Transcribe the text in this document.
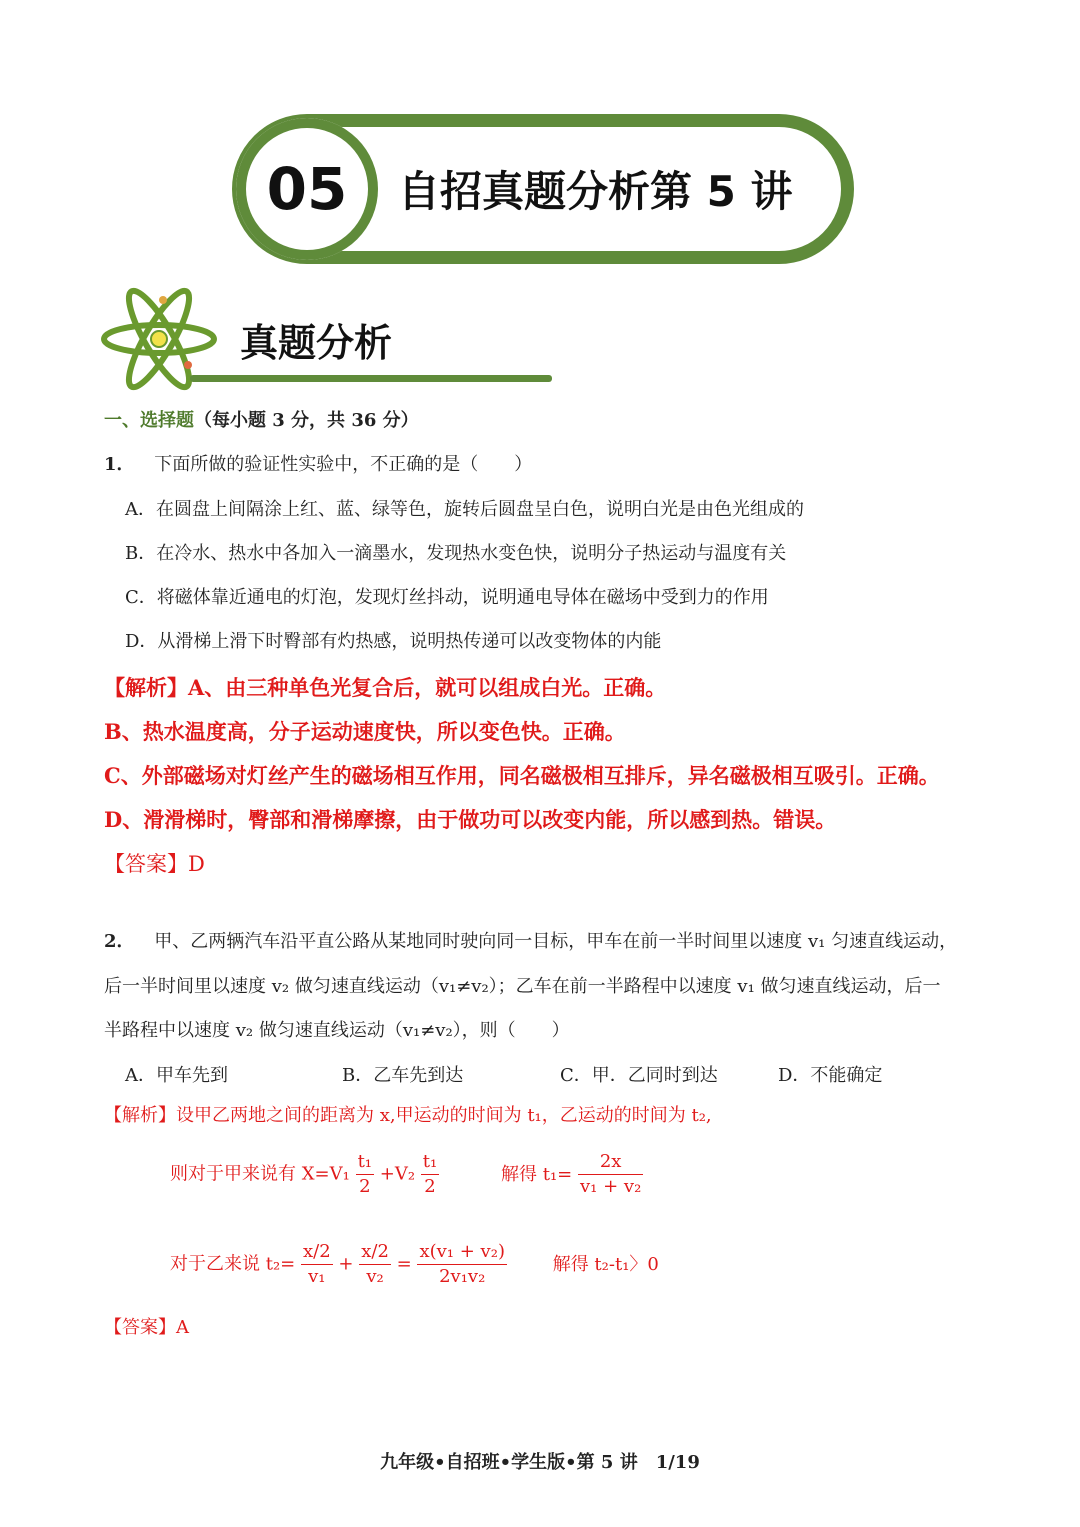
05	自招真题分析第 5 讲
真题分析
一、选择题（每小题 3 分，共 36 分）
1． 下面所做的验证性实验中，不正确的是（　　）
A．在圆盘上间隔涂上红、蓝、绿等色，旋转后圆盘呈白色，说明白光是由色光组成的
B．在冷水、热水中各加入一滴墨水，发现热水变色快，说明分子热运动与温度有关
C．将磁体靠近通电的灯泡，发现灯丝抖动，说明通电导体在磁场中受到力的作用
D．从滑梯上滑下时臀部有灼热感，说明热传递可以改变物体的内能
【解析】A、由三种单色光复合后，就可以组成白光。正确。
B、热水温度高，分子运动速度快，所以变色快。正确。
C、外部磁场对灯丝产生的磁场相互作用，同名磁极相互排斥，异名磁极相互吸引。正确。
D、滑滑梯时，臀部和滑梯摩擦，由于做功可以改变内能，所以感到热。错误。
【答案】D
2． 甲、乙两辆汽车沿平直公路从某地同时驶向同一目标，甲车在前一半时间里以速度 v₁ 匀速直线运动，
后一半时间里以速度 v₂ 做匀速直线运动（v₁≠v₂）；乙车在前一半路程中以速度 v₁ 做匀速直线运动，后一
半路程中以速度 v₂ 做匀速直线运动（v₁≠v₂），则（　　）
A．甲车先到	B．乙车先到达	C．甲．乙同时到达	D．不能确定
【解析】设甲乙两地之间的距离为 x,甲运动的时间为 t₁，乙运动的时间为 t₂,
则对于甲来说有 $X=V_1 \frac{\text{t₁}}{2} +V_2 \frac{\text{t₁}}{2}$	解得 $t_1= \frac{2x}{\text{v₁ + v₂}}$
对于乙来说 $t_2= \frac{x/2}{\text{v₁}} + \frac{x/2}{\text{v₂}} = \frac{\text{x(v₁ + v₂)}}{\text{2v₁v₂}}$	解得 t₂-t₁〉0
【答案】A
九年级•自招班•学生版•第 5 讲　1/19
